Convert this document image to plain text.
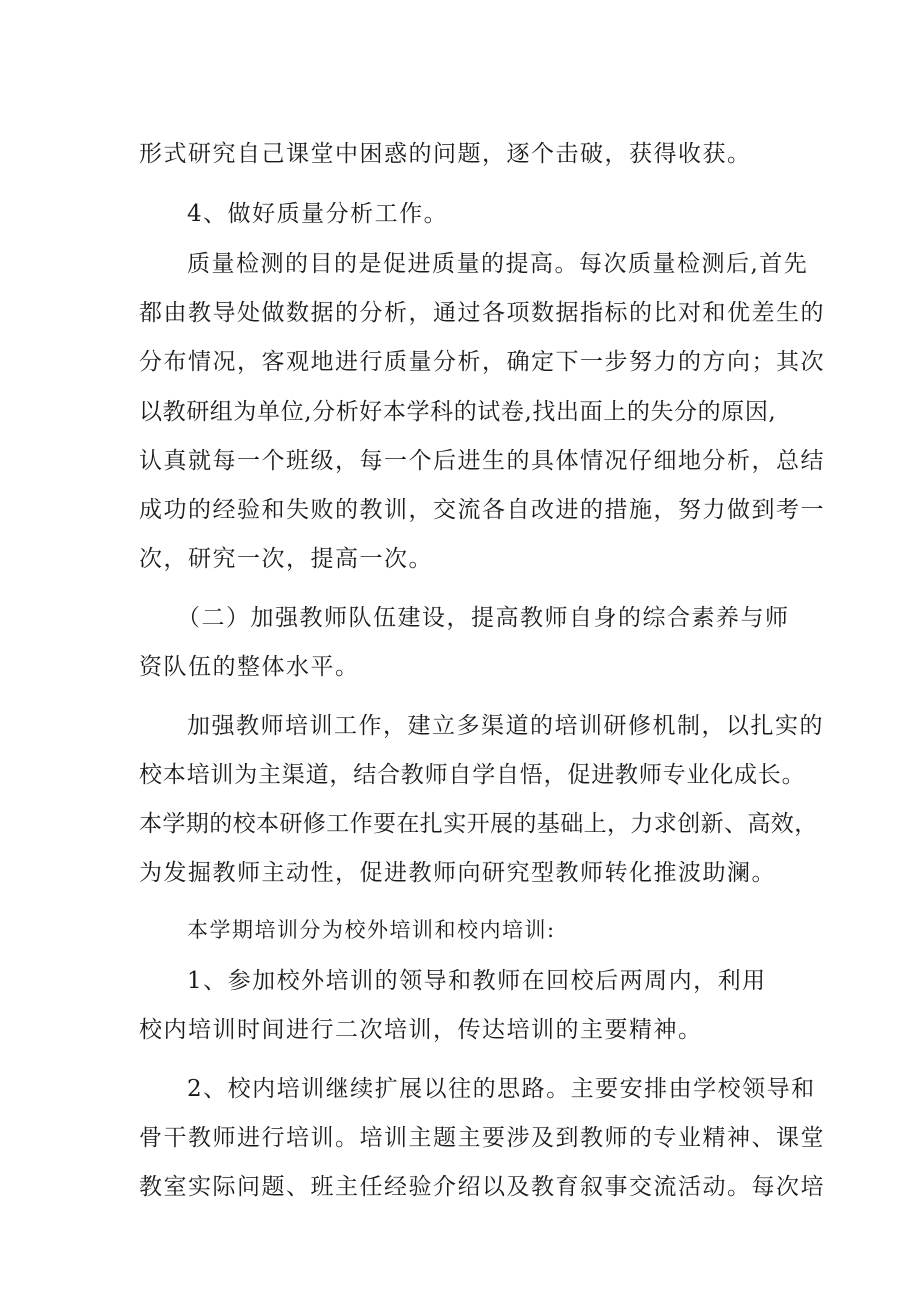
形式研究自己课堂中困惑的问题，逐个击破，获得收获。

4、做好质量分析工作。

质量检测的目的是促进质量的提高。每次质量检测后,首先

都由教导处做数据的分析，通过各项数据指标的比对和优差生的

分布情况，客观地进行质量分析，确定下一步努力的方向；其次

以教研组为单位,分析好本学科的试卷,找出面上的失分的原因,

认真就每一个班级，每一个后进生的具体情况仔细地分析，总结

成功的经验和失败的教训，交流各自改进的措施，努力做到考一

次，研究一次，提高一次。

（二）加强教师队伍建设，提高教师自身的综合素养与师

资队伍的整体水平。

加强教师培训工作，建立多渠道的培训研修机制，以扎实的

校本培训为主渠道，结合教师自学自悟，促进教师专业化成长。

本学期的校本研修工作要在扎实开展的基础上，力求创新、高效，

为发掘教师主动性，促进教师向研究型教师转化推波助澜。

本学期培训分为校外培训和校内培训:

1、参加校外培训的领导和教师在回校后两周内，利用

校内培训时间进行二次培训，传达培训的主要精神。

2、校内培训继续扩展以往的思路。主要安排由学校领导和

骨干教师进行培训。培训主题主要涉及到教师的专业精神、课堂

教室实际问题、班主任经验介绍以及教育叙事交流活动。每次培
